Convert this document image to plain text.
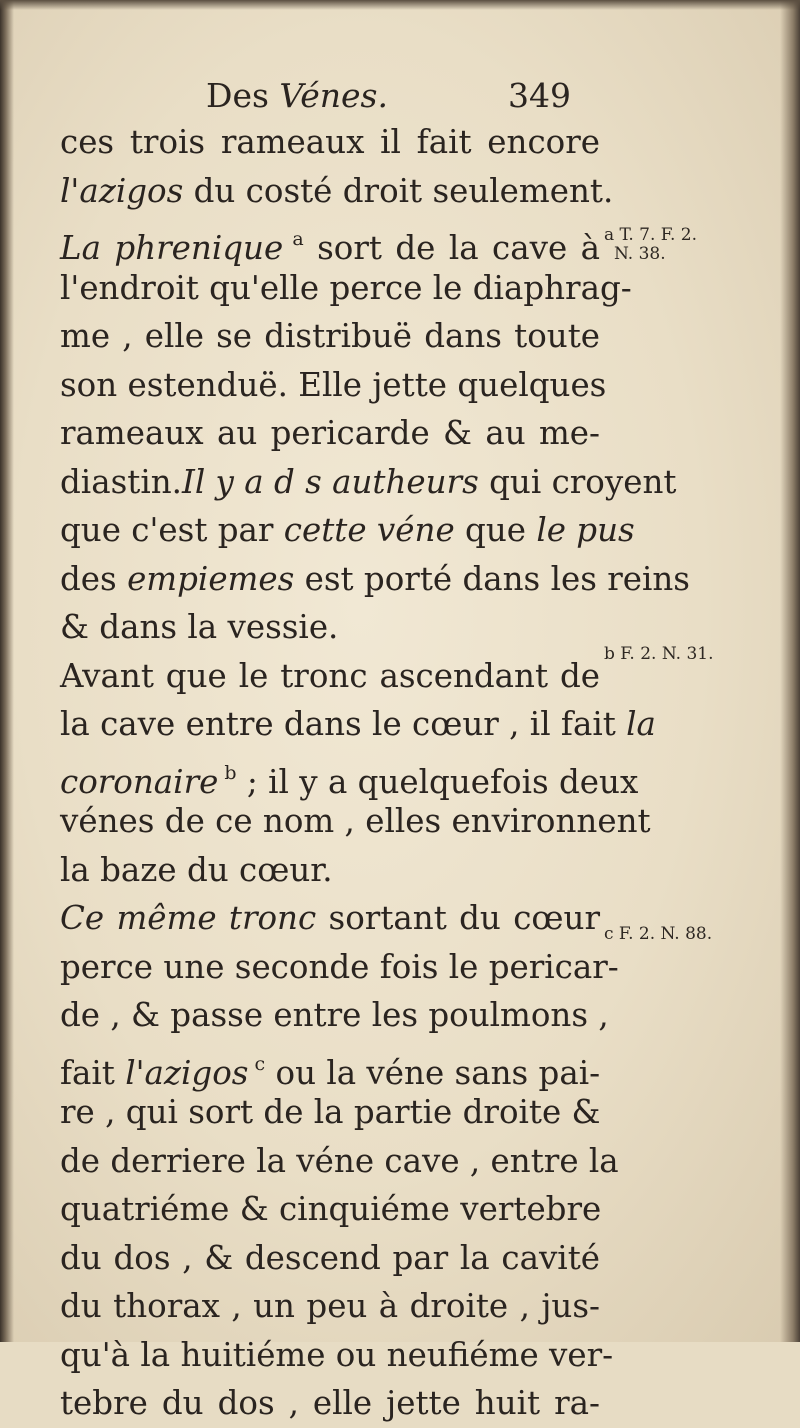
Des Vénes.	349
ces trois rameaux il fait encore
l'azigos du costé droit seulement.
La phrenique $^a$ sort de la cave à
l'endroit qu'elle perce le diaphrag-
me , elle se distribuë dans toute
son estenduë. Elle jette quelques
rameaux au pericarde & au me-
diastin.Il y a d s autheurs qui croyent
que c'est par cette véne que le pus
des empiemes est porté dans les reins
& dans la vessie.
Avant que le tronc ascendant de
la cave entre dans le cœur , il fait la
coronaire $^b$ ; il y a quelquefois deux
vénes de ce nom , elles environnent
la baze du cœur.
Ce même tronc sortant du cœur
perce une seconde fois le pericar-
de , & passe entre les poulmons ,
fait l'azigos $^c$ ou la véne sans pai-
re , qui sort de la partie droite &
de derriere la véne cave , entre la
quatriéme & cinquiéme vertebre
du dos , & descend par la cavité
du thorax , un peu à droite , jus-
qu'à la huitiéme ou neufiéme ver-
tebre du dos , elle jette huit ra-
a T. 7. F. 2.
N. 38.
b F. 2. N. 31.
c F. 2. N. 88.
